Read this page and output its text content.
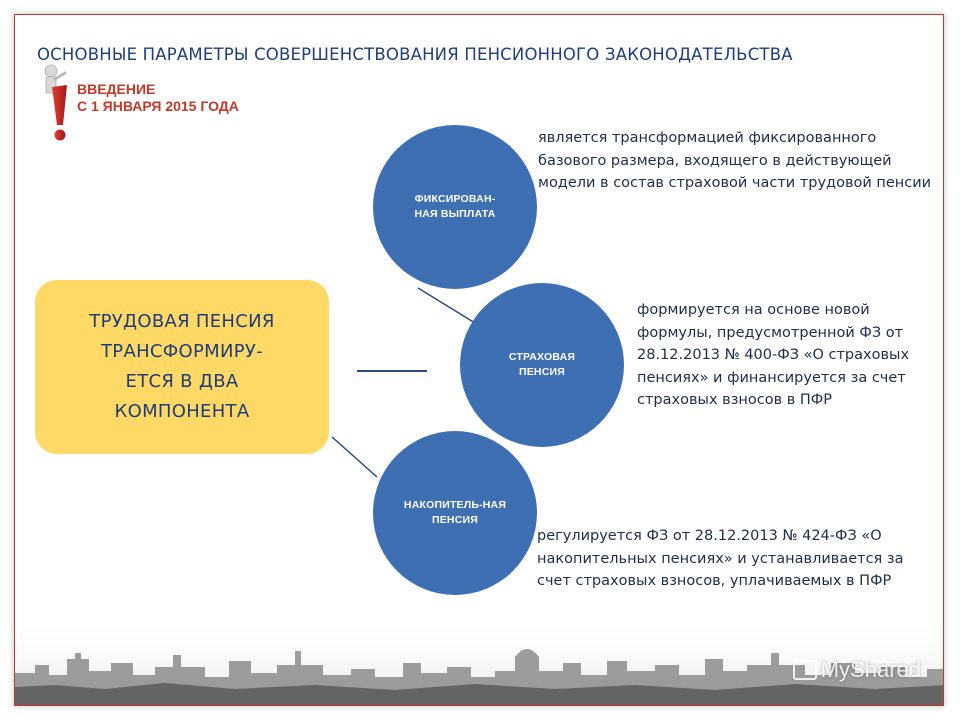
ОСНОВНЫЕ ПАРАМЕТРЫ СОВЕРШЕНСТВОВАНИЯ ПЕНСИОННОГО ЗАКОНОДАТЕЛЬСТВА
ВВЕДЕНИЕ
С 1 ЯНВАРЯ 2015 ГОДА
ТРУДОВАЯ ПЕНСИЯ
ТРАНСФОРМИРУ-
ЕТСЯ В ДВА
КОМПОНЕНТА
ФИКСИРОВАН-
НАЯ ВЫПЛАТА
является трансформацией фиксированного базового размера, входящего в действующей модели в состав страховой части трудовой пенсии
СТРАХОВАЯ
ПЕНСИЯ
формируется на основе новой формулы, предусмотренной ФЗ от 28.12.2013 № 400-ФЗ «О страховых пенсиях» и финансируется за счет страховых взносов в ПФР
НАКОПИТЕЛЬ-НАЯ
ПЕНСИЯ
регулируется ФЗ от 28.12.2013 № 424-ФЗ «О накопительных пенсиях» и устанавливается за счет страховых взносов, уплачиваемых в ПФР
MyShared
